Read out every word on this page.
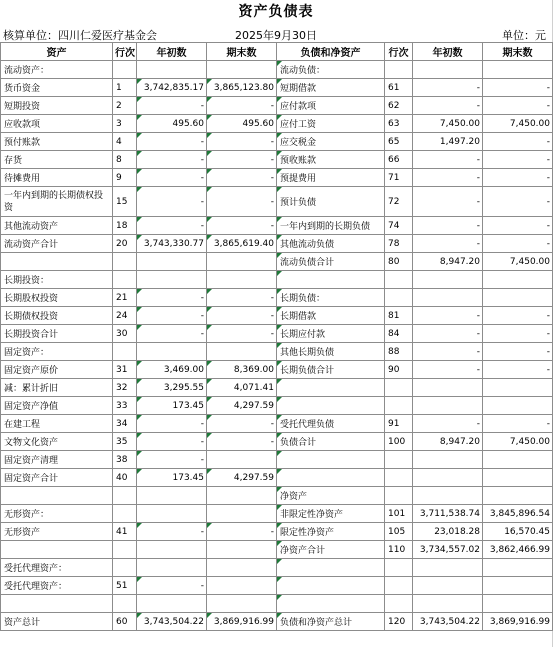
资产负债表
核算单位：四川仁爱医疗基金会	2025年9月30日	单位：元
资产	行次	年初数	期末数	负债和净资产	行次	年初数	期末数
流动资产：				流动负债：			
货币资金	1	3,742,835.17	3,865,123.80	短期借款	61	-	-
短期投资	2	-	-	应付款项	62	-	-
应收款项	3	495.60	495.60	应付工资	63	7,450.00	7,450.00
预付账款	4	-	-	应交税金	65	1,497.20	-
存货	8	-	-	预收账款	66	-	-
待摊费用	9	-	-	预提费用	71	-	-
一年内到期的长期债权投资	15	-	-	预计负债	72	-	-
其他流动资产	18	-	-	一年内到期的长期负债	74	-	-
流动资产合计	20	3,743,330.77	3,865,619.40	其他流动负债	78	-	-
				流动负债合计	80	8,947.20	7,450.00
长期投资：							
长期股权投资	21	-	-	长期负债：			
长期债权投资	24	-	-	长期借款	81	-	-
长期投资合计	30	-	-	长期应付款	84	-	-
固定资产：				其他长期负债	88	-	-
固定资产原价	31	3,469.00	8,369.00	长期负债合计	90	-	-
减：累计折旧	32	3,295.55	4,071.41				
固定资产净值	33	173.45	4,297.59				
在建工程	34	-	-	受托代理负债	91	-	-
文物文化资产	35	-	-	负债合计	100	8,947.20	7,450.00
固定资产清理	38	-					
固定资产合计	40	173.45	4,297.59				
				净资产			
无形资产：				非限定性净资产	101	3,711,538.74	3,845,896.54
无形资产	41	-	-	限定性净资产	105	23,018.28	16,570.45
				净资产合计	110	3,734,557.02	3,862,466.99
受托代理资产：							
受托代理资产：	51	-					

资产总计	60	3,743,504.22	3,869,916.99	负债和净资产总计	120	3,743,504.22	3,869,916.99
